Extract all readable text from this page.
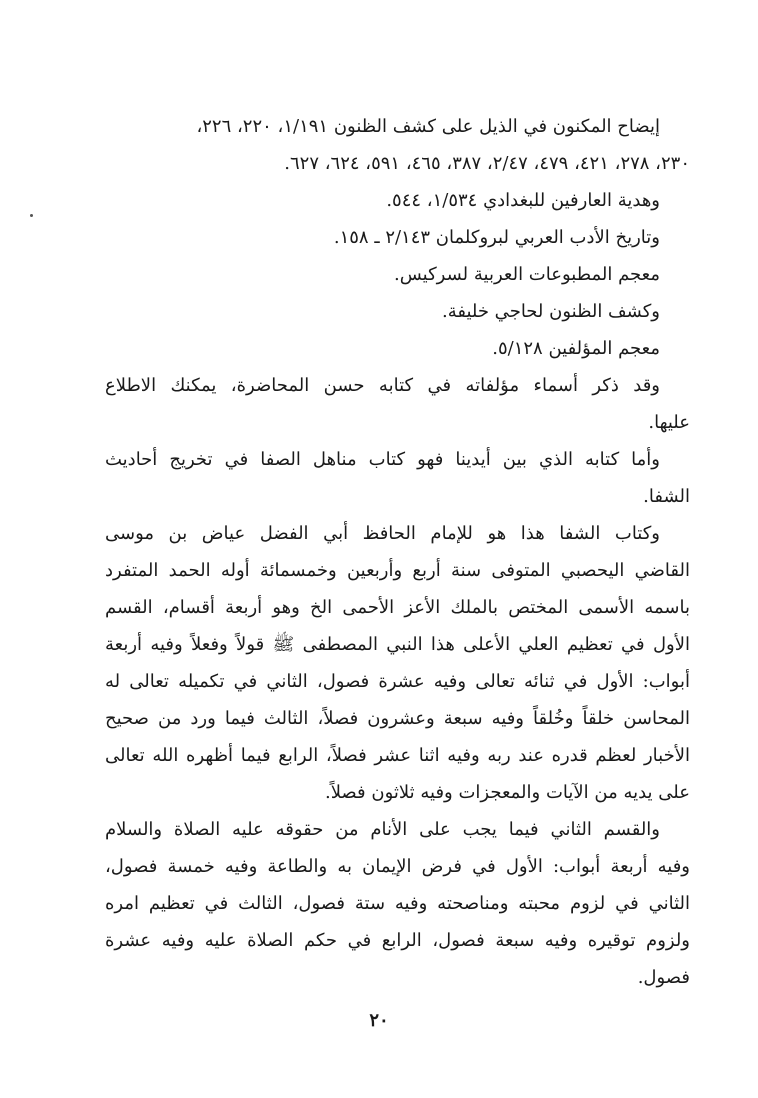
إيضاح المكنون في الذيل على كشف الظنون ١/١٩١، ٢٢٠، ٢٢٦،
٢٣٠، ٢٧٨، ٤٢١، ٤٧٩، ٢/٤٧، ٣٨٧، ٤٦٥، ٥٩١، ٦٢٤، ٦٢٧.
وهدية العارفين للبغدادي ١/٥٣٤، ٥٤٤.
وتاريخ الأدب العربي لبروكلمان ٢/١٤٣ ـ ١٥٨.
معجم المطبوعات العربية لسركيس.
وكشف الظنون لحاجي خليفة.
معجم المؤلفين ٥/١٢٨.
وقد ذكر أسماء مؤلفاته في كتابه حسن المحاضرة، يمكنك الاطلاع
عليها.
وأما كتابه الذي بين أيدينا فهو كتاب مناهل الصفا في تخريج أحاديث
الشفا.
وكتاب الشفا هذا هو للإمام الحافظ أبي الفضل عياض بن موسى
القاضي اليحصبي المتوفى سنة أربع وأربعين وخمسمائة أوله الحمد المتفرد
باسمه الأسمى المختص بالملك الأعز الأحمى الخ وهو أربعة أقسام، القسم
الأول في تعظيم العلي الأعلى هذا النبي المصطفى ﷺ قولاً وفعلاً وفيه أربعة
أبواب: الأول في ثنائه تعالى وفيه عشرة فصول، الثاني في تكميله تعالى له
المحاسن خلقاً وخُلقاً وفيه سبعة وعشرون فصلاً، الثالث فيما ورد من صحيح
الأخبار لعظم قدره عند ربه وفيه اثنا عشر فصلاً، الرابع فيما أظهره الله تعالى
على يديه من الآيات والمعجزات وفيه ثلاثون فصلاً.
والقسم الثاني فيما يجب على الأنام من حقوقه عليه الصلاة والسلام
وفيه أربعة أبواب: الأول في فرض الإيمان به والطاعة وفيه خمسة فصول،
الثاني في لزوم محبته ومناصحته وفيه ستة فصول، الثالث في تعظيم امره
ولزوم توقيره وفيه سبعة فصول، الرابع في حكم الصلاة عليه وفيه عشرة
فصول.
٢٠
